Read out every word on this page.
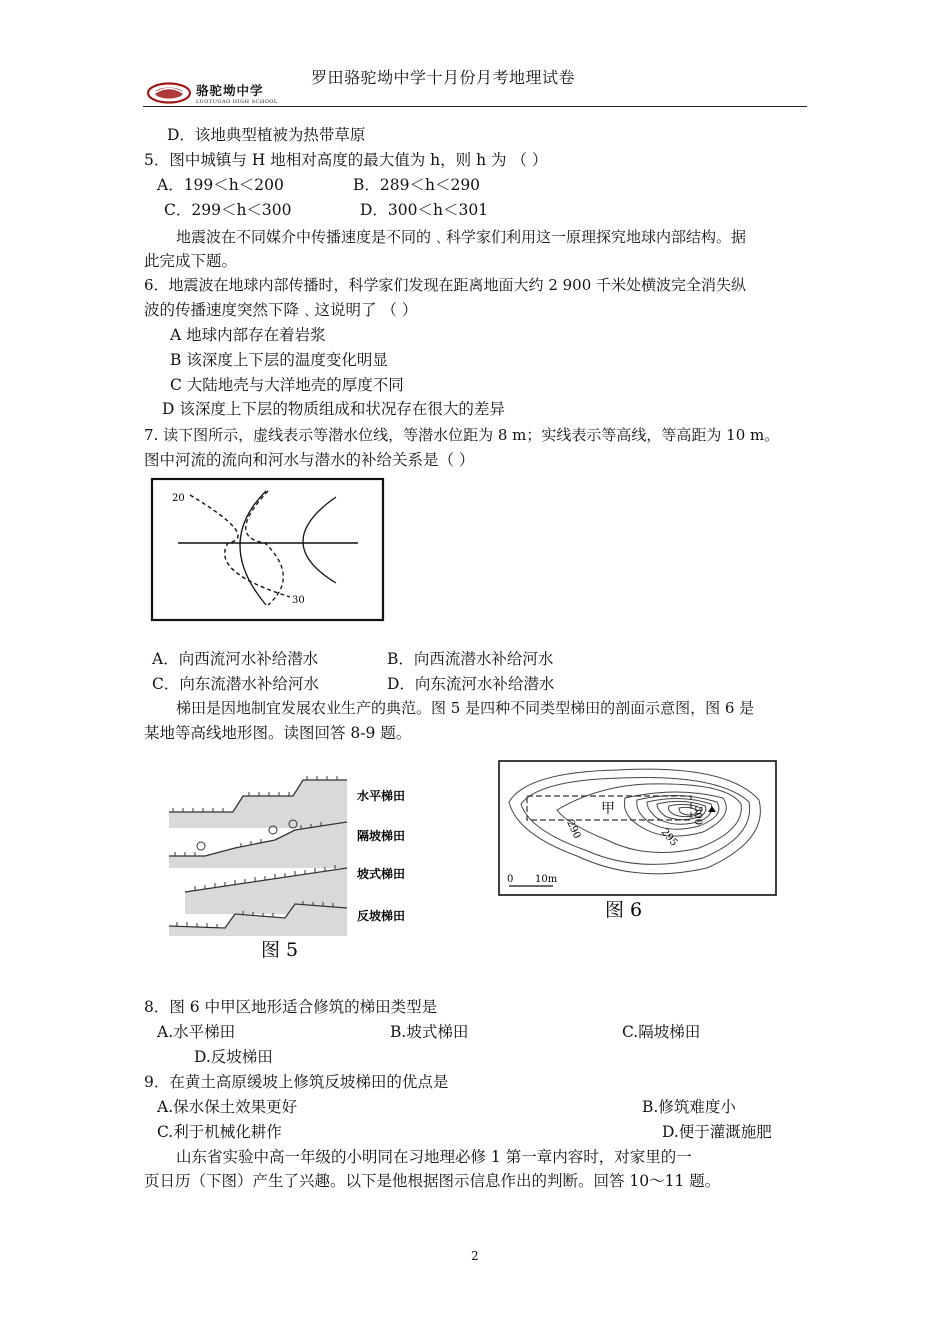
骆驼坳中学
LUOTUOAO HIGH SCHOOL
罗田骆驼坳中学十月份月考地理试卷
D．该地典型植被为热带草原
5．图中城镇与 H 地相对高度的最大值为 h，则 h 为 （ ）
A．199＜h＜200	B．289＜h＜290
C．299＜h＜300	D．300＜h＜301
地震波在不同媒介中传播速度是不同的﹑科学家们利用这一原理探究地球内部结构。据
此完成下题。
6．地震波在地球内部传播时，科学家们发现在距离地面大约 2 900 千米处横波完全消失纵
波的传播速度突然下降﹑这说明了 （ ）
A 地球内部存在着岩浆
B 该深度上下层的温度变化明显
C 大陆地壳与大洋地壳的厚度不同
D 该深度上下层的物质组成和状况存在很大的差异
7. 读下图所示，虚线表示等潜水位线，等潜水位距为 8 m；实线表示等高线，等高距为 10 m。
图中河流的流向和河水与潜水的补给关系是（ ）
20
30
A．向西流河水补给潜水	B．向西流潜水补给河水
C．向东流潜水补给河水	D．向东流河水补给潜水
梯田是因地制宜发展农业生产的典范。图 5 是四种不同类型梯田的剖面示意图，图 6 是
某地等高线地形图。读图回答 8-9 题。
水平梯田
隔坡梯田
坡式梯田
反坡梯田
图 5
甲	300
295
290
0 10m
图 6
8．图 6 中甲区地形适合修筑的梯田类型是
A.水平梯田	B.坡式梯田	C.隔坡梯田
D.反坡梯田
9．在黄土高原缓坡上修筑反坡梯田的优点是
A.保水保土效果更好	B.修筑难度小
C.利于机械化耕作	D.便于灌溉施肥
山东省实验中高一年级的小明同在习地理必修 1 第一章内容时，对家里的一
页日历（下图）产生了兴趣。以下是他根据图示信息作出的判断。回答 10～11 题。
2
